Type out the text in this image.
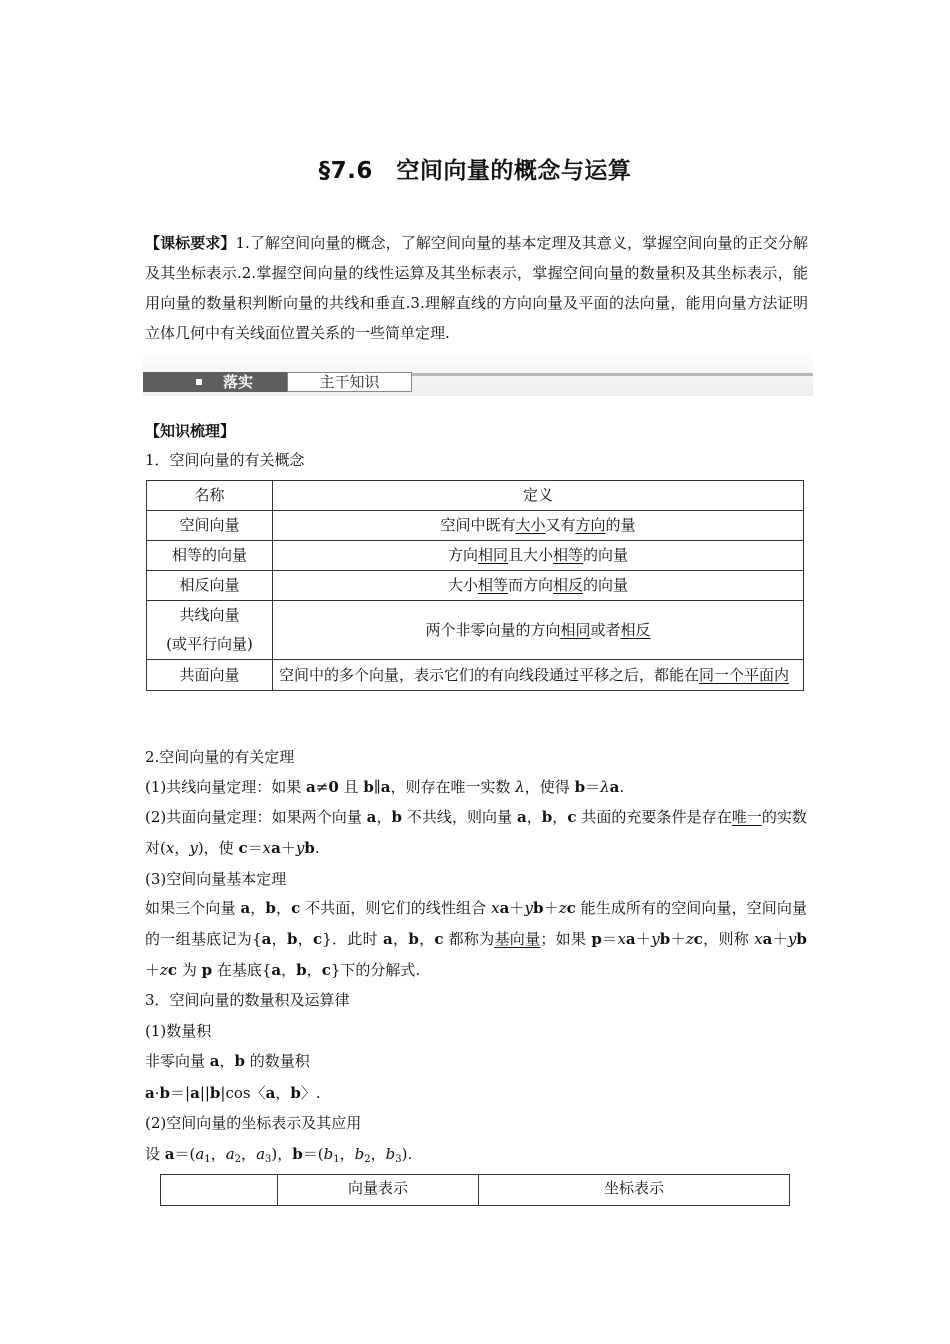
§7.6　空间向量的概念与运算
【课标要求】1.了解空间向量的概念，了解空间向量的基本定理及其意义，掌握空间向量的正交分解及其坐标表示.2.掌握空间向量的线性运算及其坐标表示，掌握空间向量的数量积及其坐标表示，能用向量的数量积判断向量的共线和垂直.3.理解直线的方向向量及平面的法向量，能用向量方法证明立体几何中有关线面位置关系的一些简单定理.
落实	主干知识
【知识梳理】
1．空间向量的有关概念
名称	定义
空间向量	空间中既有大小又有方向的量
相等的向量	方向相同且大小相等的向量
相反向量	大小相等而方向相反的向量

共线向量
(或平行向量)	两个非零向量的方向相同或者相反
共面向量	空间中的多个向量，表示它们的有向线段通过平移之后，都能在同一个平面内
2.空间向量的有关定理
(1)共线向量定理：如果 a≠0 且 b∥a，则存在唯一实数 λ，使得 b＝λa.
(2)共面向量定理：如果两个向量 a，b 不共线，则向量 a，b，c 共面的充要条件是存在唯一的实数对(x，y)，使 c＝xa＋yb.
(3)空间向量基本定理
如果三个向量 a，b，c 不共面，则它们的线性组合 xa＋yb＋zc 能生成所有的空间向量，空间向量的一组基底记为{a，b，c}．此时 a，b，c 都称为基向量；如果 p＝xa＋yb＋zc，则称 xa＋yb＋zc 为 p 在基底{a，b，c}下的分解式.
3．空间向量的数量积及运算律
(1)数量积
非零向量 a，b 的数量积
a·b＝|a||b|cos〈a，b〉.
(2)空间向量的坐标表示及其应用
设 $a=(a_1$，$a_2$，$a_3$)，$b=(b_1$，$b_2$，$b_3$).
	向量表示	坐标表示
